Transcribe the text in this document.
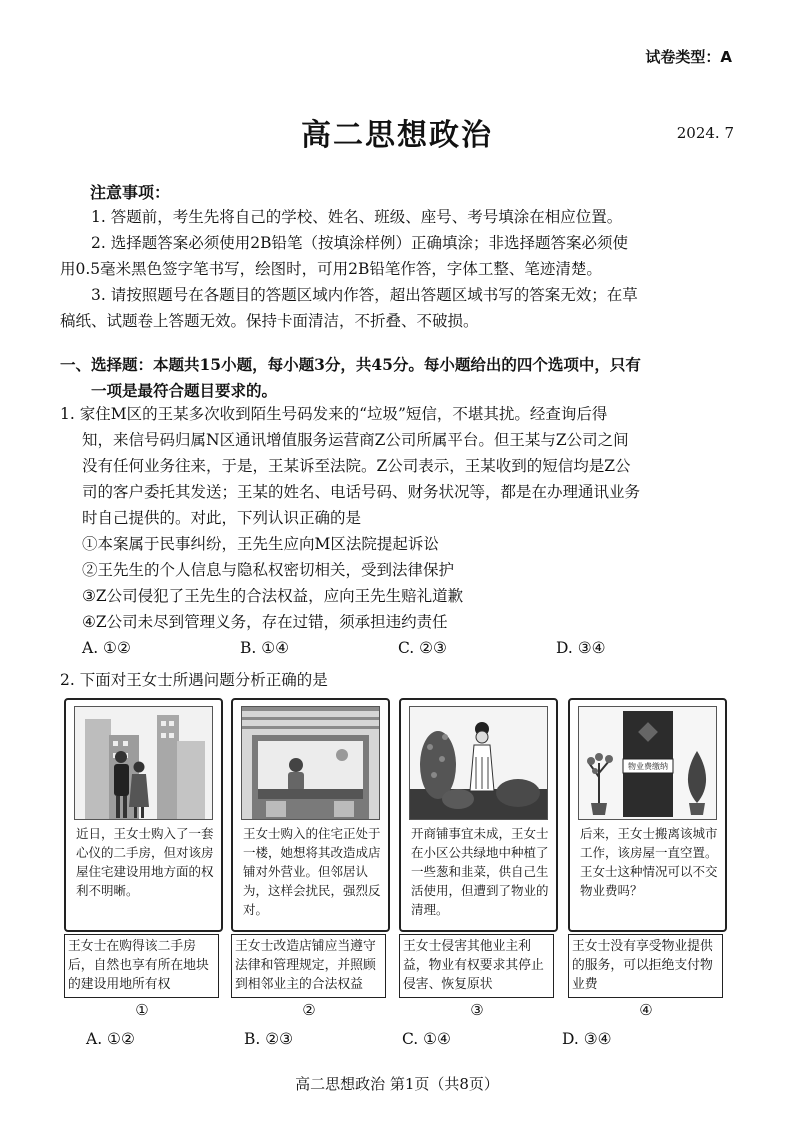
试卷类型：A
高二思想政治	2024. 7
注意事项：
1. 答题前，考生先将自己的学校、姓名、班级、座号、考号填涂在相应位置。
2. 选择题答案必须使用2B铅笔（按填涂样例）正确填涂；非选择题答案必须使
用0.5毫米黑色签字笔书写，绘图时，可用2B铅笔作答，字体工整、笔迹清楚。
3. 请按照题号在各题目的答题区域内作答，超出答题区域书写的答案无效；在草
稿纸、试题卷上答题无效。保持卡面清洁，不折叠、不破损。
一、选择题：本题共15小题，每小题3分，共45分。每小题给出的四个选项中，只有
一项是最符合题目要求的。
1. 家住M区的王某多次收到陌生号码发来的“垃圾”短信，不堪其扰。经查询后得
知，来信号码归属N区通讯增值服务运营商Z公司所属平台。但王某与Z公司之间
没有任何业务往来，于是，王某诉至法院。Z公司表示，王某收到的短信均是Z公
司的客户委托其发送；王某的姓名、电话号码、财务状况等，都是在办理通讯业务
时自己提供的。对此，下列认识正确的是
①本案属于民事纠纷，王先生应向M区法院提起诉讼
②王先生的个人信息与隐私权密切相关，受到法律保护
③Z公司侵犯了王先生的合法权益，应向王先生赔礼道歉
④Z公司未尽到管理义务，存在过错，须承担违约责任
A. ①②	B. ①④	C. ②③	D. ③④
2. 下面对王女士所遇问题分析正确的是
近日，王女士购入了一套心仪的二手房，但对该房屋住宅建设用地方面的权利不明晰。
王女士购入的住宅正处于一楼，她想将其改造成店铺对外营业。但邻居认为，这样会扰民，强烈反对。
开商铺事宜未成，王女士在小区公共绿地中种植了一些葱和韭菜，供自己生活使用，但遭到了物业的清理。
物业费缴纳
后来，王女士搬离该城市工作，该房屋一直空置。王女士这种情况可以不交物业费吗？
王女士在购得该二手房后，自然也享有所在地块的建设用地所有权
王女士改造店铺应当遵守法律和管理规定，并照顾到相邻业主的合法权益
王女士侵害其他业主利益，物业有权要求其停止侵害、恢复原状
王女士没有享受物业提供的服务，可以拒绝支付物业费
①	②	③	④
A. ①②	B. ②③	C. ①④	D. ③④
高二思想政治 第1页（共8页）
